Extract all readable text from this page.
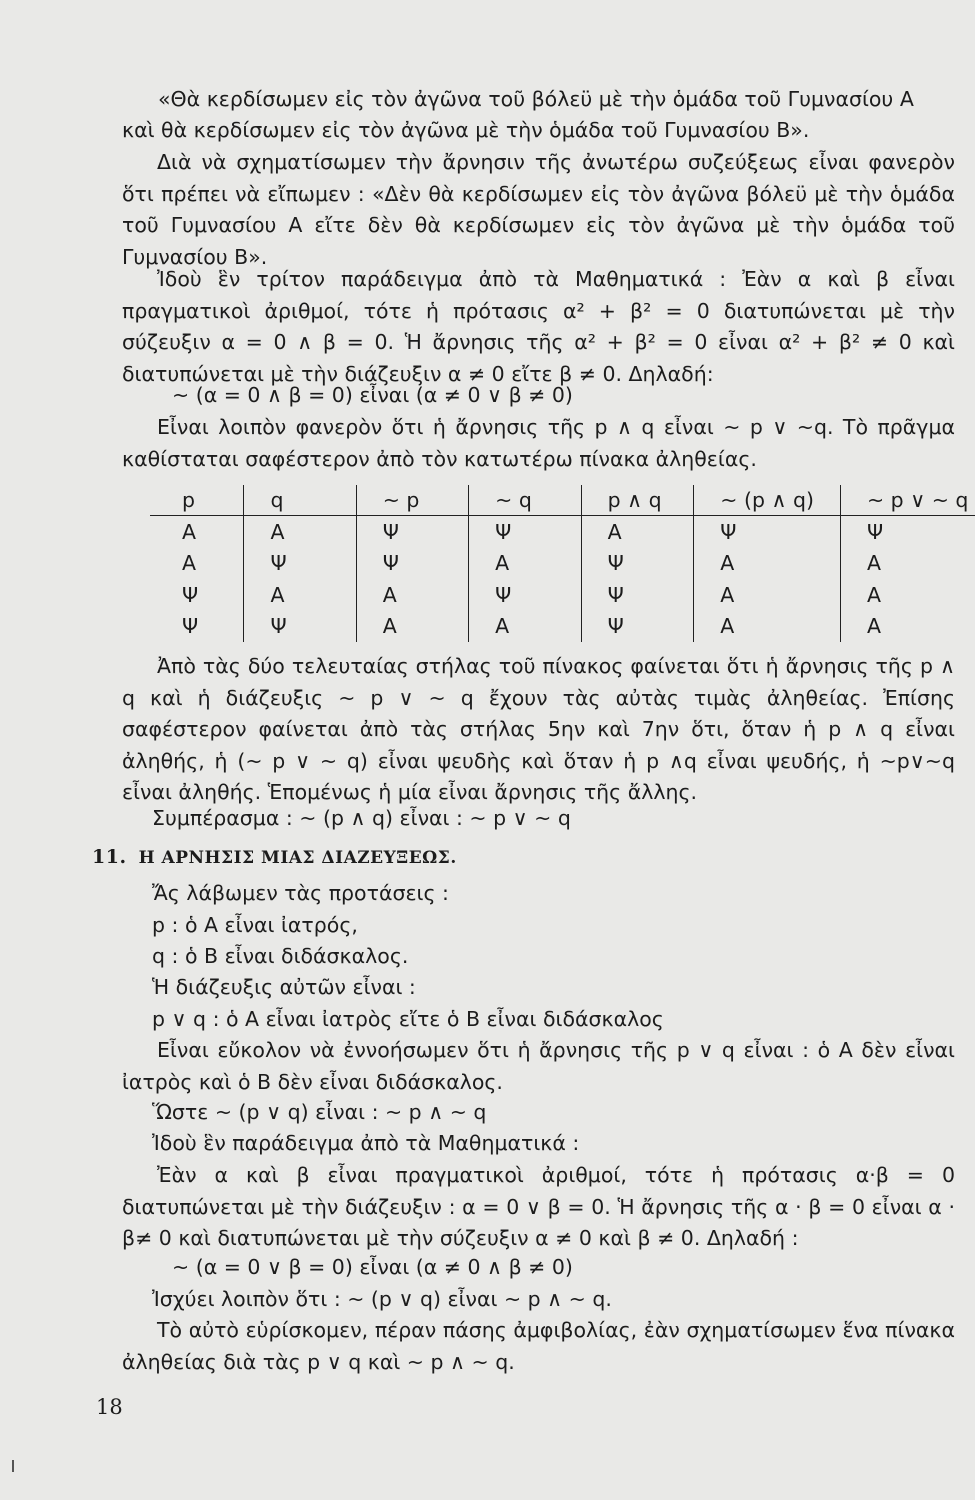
«Θὰ κερδίσωμεν εἰς τὸν ἀγῶνα τοῦ βόλεϋ μὲ τὴν ὁμάδα τοῦ Γυμνασίου Α
καὶ θὰ κερδίσωμεν εἰς τὸν ἀγῶνα μὲ τὴν ὁμάδα τοῦ Γυμνασίου Β».

Διὰ νὰ σχηματίσωμεν τὴν ἄρνησιν τῆς ἀνωτέρω συζεύξεως εἶναι φανερὸν ὅτι πρέπει νὰ εἴπωμεν : «Δὲν θὰ κερδίσωμεν εἰς τὸν ἀγῶνα βόλεϋ μὲ τὴν ὁμάδα τοῦ Γυμνασίου Α εἴτε δὲν θὰ κερδίσωμεν εἰς τὸν ἀγῶνα μὲ τὴν ὁμάδα τοῦ Γυμνασίου Β».

Ἰδοὺ ἓν τρίτον παράδειγμα ἀπὸ τὰ Μαθηματικά : Ἐὰν α καὶ β εἶναι πραγματικοὶ ἀριθμοί, τότε ἡ πρότασις α² + β² = 0 διατυπώνεται μὲ τὴν σύζευξιν α = 0 ∧ β = 0. Ἡ ἄρνησις τῆς α² + β² = 0 εἶναι α² + β² ≠ 0 καὶ διατυπώνεται μὲ τὴν διάζευξιν α ≠ 0 εἴτε β ≠ 0. Δηλαδή:

~ (α = 0 ∧ β = 0) εἶναι (α ≠ 0 ∨ β ≠ 0)

Εἶναι λοιπὸν φανερὸν ὅτι ἡ ἄρνησις τῆς p ∧ q εἶναι ~ p ∨ ~q. Τὸ πρᾶγμα καθίσταται σαφέστερον ἀπὸ τὸν κατωτέρω πίνακα ἀληθείας.

p	q	~ p	~ q	p ∧ q	~ (p ∧ q)	~ p ∨ ~ q
Α	Α	Ψ	Ψ	Α	Ψ	Ψ
Α	Ψ	Ψ	Α	Ψ	Α	Α
Ψ	Α	Α	Ψ	Ψ	Α	Α
Ψ	Ψ	Α	Α	Ψ	Α	Α

Ἀπὸ τὰς δύο τελευταίας στήλας τοῦ πίνακος φαίνεται ὅτι ἡ ἄρνησις τῆς p ∧ q καὶ ἡ διάζευξις ~ p ∨ ~ q ἔχουν τὰς αὐτὰς τιμὰς ἀληθείας. Ἐπίσης σαφέστερον φαίνεται ἀπὸ τὰς στήλας 5ην καὶ 7ην ὅτι, ὅταν ἡ p ∧ q εἶναι ἀληθής, ἡ (~ p ∨ ~ q) εἶναι ψευδὴς καὶ ὅταν ἡ p ∧q εἶναι ψευδής, ἡ ~p∨~q εἶναι ἀληθής. Ἑπομένως ἡ μία εἶναι ἄρνησις τῆς ἄλλης.

Συμπέρασμα : ~ (p ∧ q) εἶναι : ~ p ∨ ~ q
11. Η ΑΡΝΗΣΙΣ ΜΙΑΣ ΔΙΑΖΕΥΞΕΩΣ.
Ἄς λάβωμεν τὰς προτάσεις :
p : ὁ Α εἶναι ἰατρός,
q : ὁ Β εἶναι διδάσκαλος.
Ἡ διάζευξις αὐτῶν εἶναι :
p ∨ q : ὁ Α εἶναι ἰατρὸς εἴτε ὁ Β εἶναι διδάσκαλος

Εἶναι εὔκολον νὰ ἐννοήσωμεν ὅτι ἡ ἄρνησις τῆς p ∨ q εἶναι : ὁ Α δὲν εἶναι ἰατρὸς καὶ ὁ Β δὲν εἶναι διδάσκαλος.

Ὥστε ~ (p ∨ q) εἶναι : ~ p ∧ ~ q
Ἰδοὺ ἓν παράδειγμα ἀπὸ τὰ Μαθηματικά :

Ἐὰν α καὶ β εἶναι πραγματικοὶ ἀριθμοί, τότε ἡ πρότασις α·β = 0 διατυπώνεται μὲ τὴν διάζευξιν : α = 0 ∨ β = 0. Ἡ ἄρνησις τῆς α · β = 0 εἶναι α · β≠ 0 καὶ διατυπώνεται μὲ τὴν σύζευξιν α ≠ 0 καὶ β ≠ 0. Δηλαδή :

~ (α = 0 ∨ β = 0) εἶναι (α ≠ 0 ∧ β ≠ 0)
Ἰσχύει λοιπὸν ὅτι : ~ (p ∨ q) εἶναι ~ p ∧ ~ q.

Τὸ αὐτὸ εὑρίσκομεν, πέραν πάσης ἀμφιβολίας, ἐὰν σχηματίσωμεν ἕνα πίνακα ἀληθείας διὰ τὰς p ∨ q καὶ ~ p ∧ ~ q.

18
